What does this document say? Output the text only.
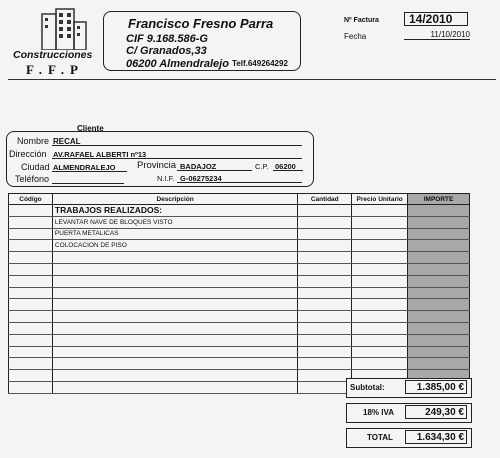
Construcciones
F.F.P
Francisco Fresno Parra
CIF 9.168.586-G
C/ Granados,33
06200 Almendralejo Telf.649264292
Nº Factura	14/2010
Fecha	11/10/2010
Cliente
Nombre RECAL
Dirección AV.RAFAEL ALBERTI nº13
Ciudad ALMENDRALEJO Provincia BADAJOZ	C.P. 06200
Teléfono	N.I.F. G-06275234
Código	Descripción	Cantidad	Precio Unitario	IMPORTE
	TRABAJOS REALIZADOS:			
	LEVANTAR NAVE DE BLOQUES VISTO			
	PUERTA METALICAS			
	COLOCACION DE PISO			

Subtotal:	1.385,00 €
18% IVA	249,30 €
TOTAL	1.634,30 €
